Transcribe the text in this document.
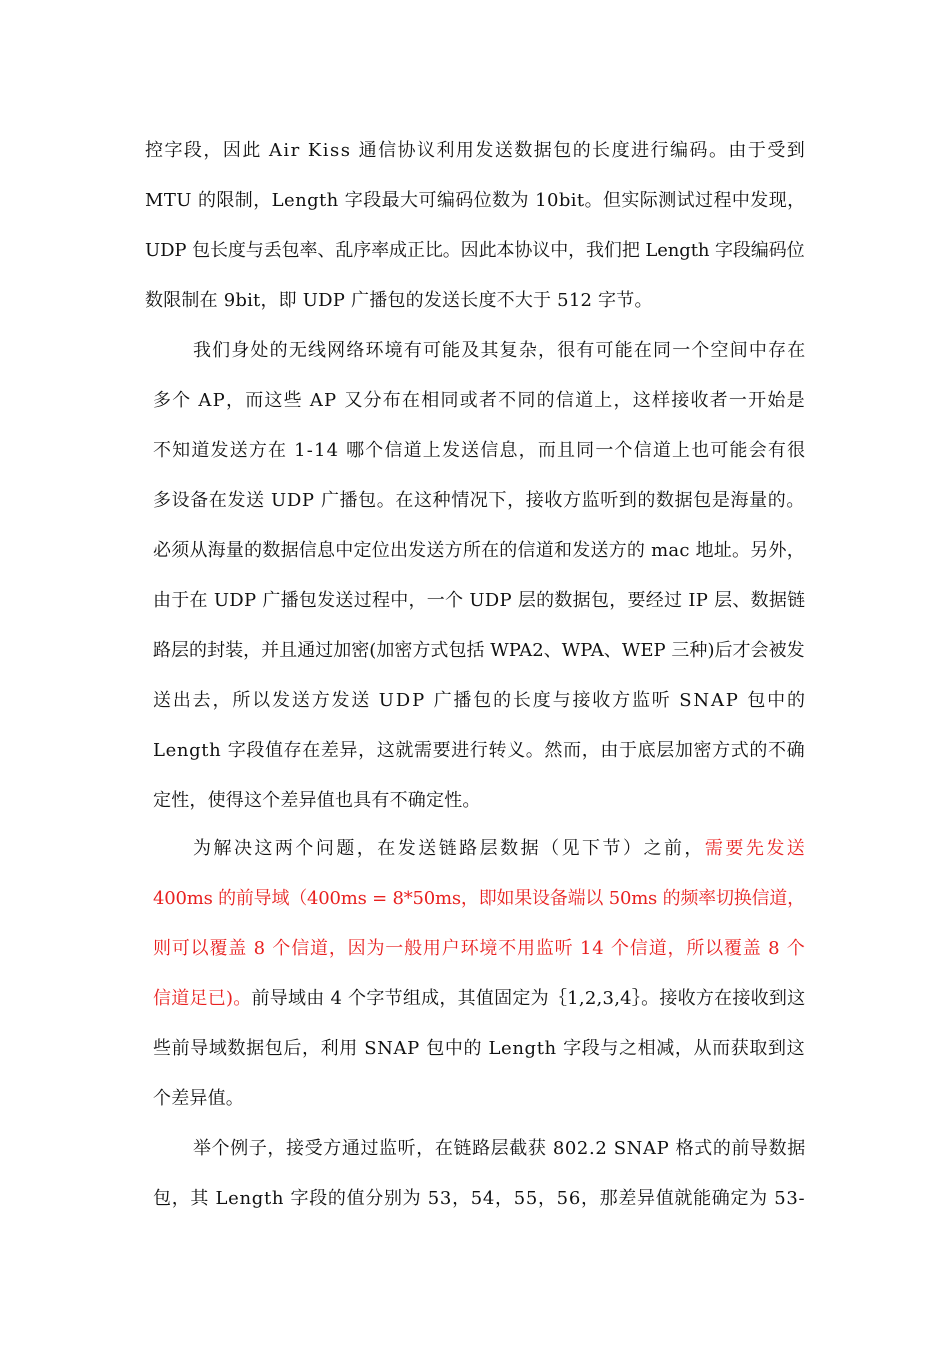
控字段，因此 Air Kiss 通信协议利用发送数据包的长度进行编码。由于受到
MTU 的限制，Length 字段最大可编码位数为 10bit。但实际测试过程中发现，
UDP 包长度与丢包率、乱序率成正比。因此本协议中，我们把 Length 字段编码位
数限制在 9bit，即 UDP 广播包的发送长度不大于 512 字节。
我们身处的无线网络环境有可能及其复杂，很有可能在同一个空间中存在
多个 AP，而这些 AP 又分布在相同或者不同的信道上，这样接收者一开始是
不知道发送方在 1-14 哪个信道上发送信息，而且同一个信道上也可能会有很
多设备在发送 UDP 广播包。在这种情况下，接收方监听到的数据包是海量的。
必须从海量的数据信息中定位出发送方所在的信道和发送方的 mac 地址。另外，
由于在 UDP 广播包发送过程中，一个 UDP 层的数据包，要经过 IP 层、数据链
路层的封装，并且通过加密(加密方式包括 WPA2、WPA、WEP 三种)后才会被发
送出去，所以发送方发送 UDP 广播包的长度与接收方监听 SNAP 包中的
Length 字段值存在差异，这就需要进行转义。然而，由于底层加密方式的不确
定性，使得这个差异值也具有不确定性。
为解决这两个问题，在发送链路层数据（见下节）之前，需要先发送
400ms 的前导域（400ms = 8*50ms，即如果设备端以 50ms 的频率切换信道，
则可以覆盖 8 个信道，因为一般用户环境不用监听 14 个信道，所以覆盖 8 个
信道足已)。前导域由 4 个字节组成，其值固定为｛1,2,3,4｝。接收方在接收到这
些前导域数据包后，利用 SNAP 包中的 Length 字段与之相减，从而获取到这
个差异值。
举个例子，接受方通过监听，在链路层截获 802.2 SNAP 格式的前导数据
包，其 Length 字段的值分别为 53，54，55，56，那差异值就能确定为 53-
